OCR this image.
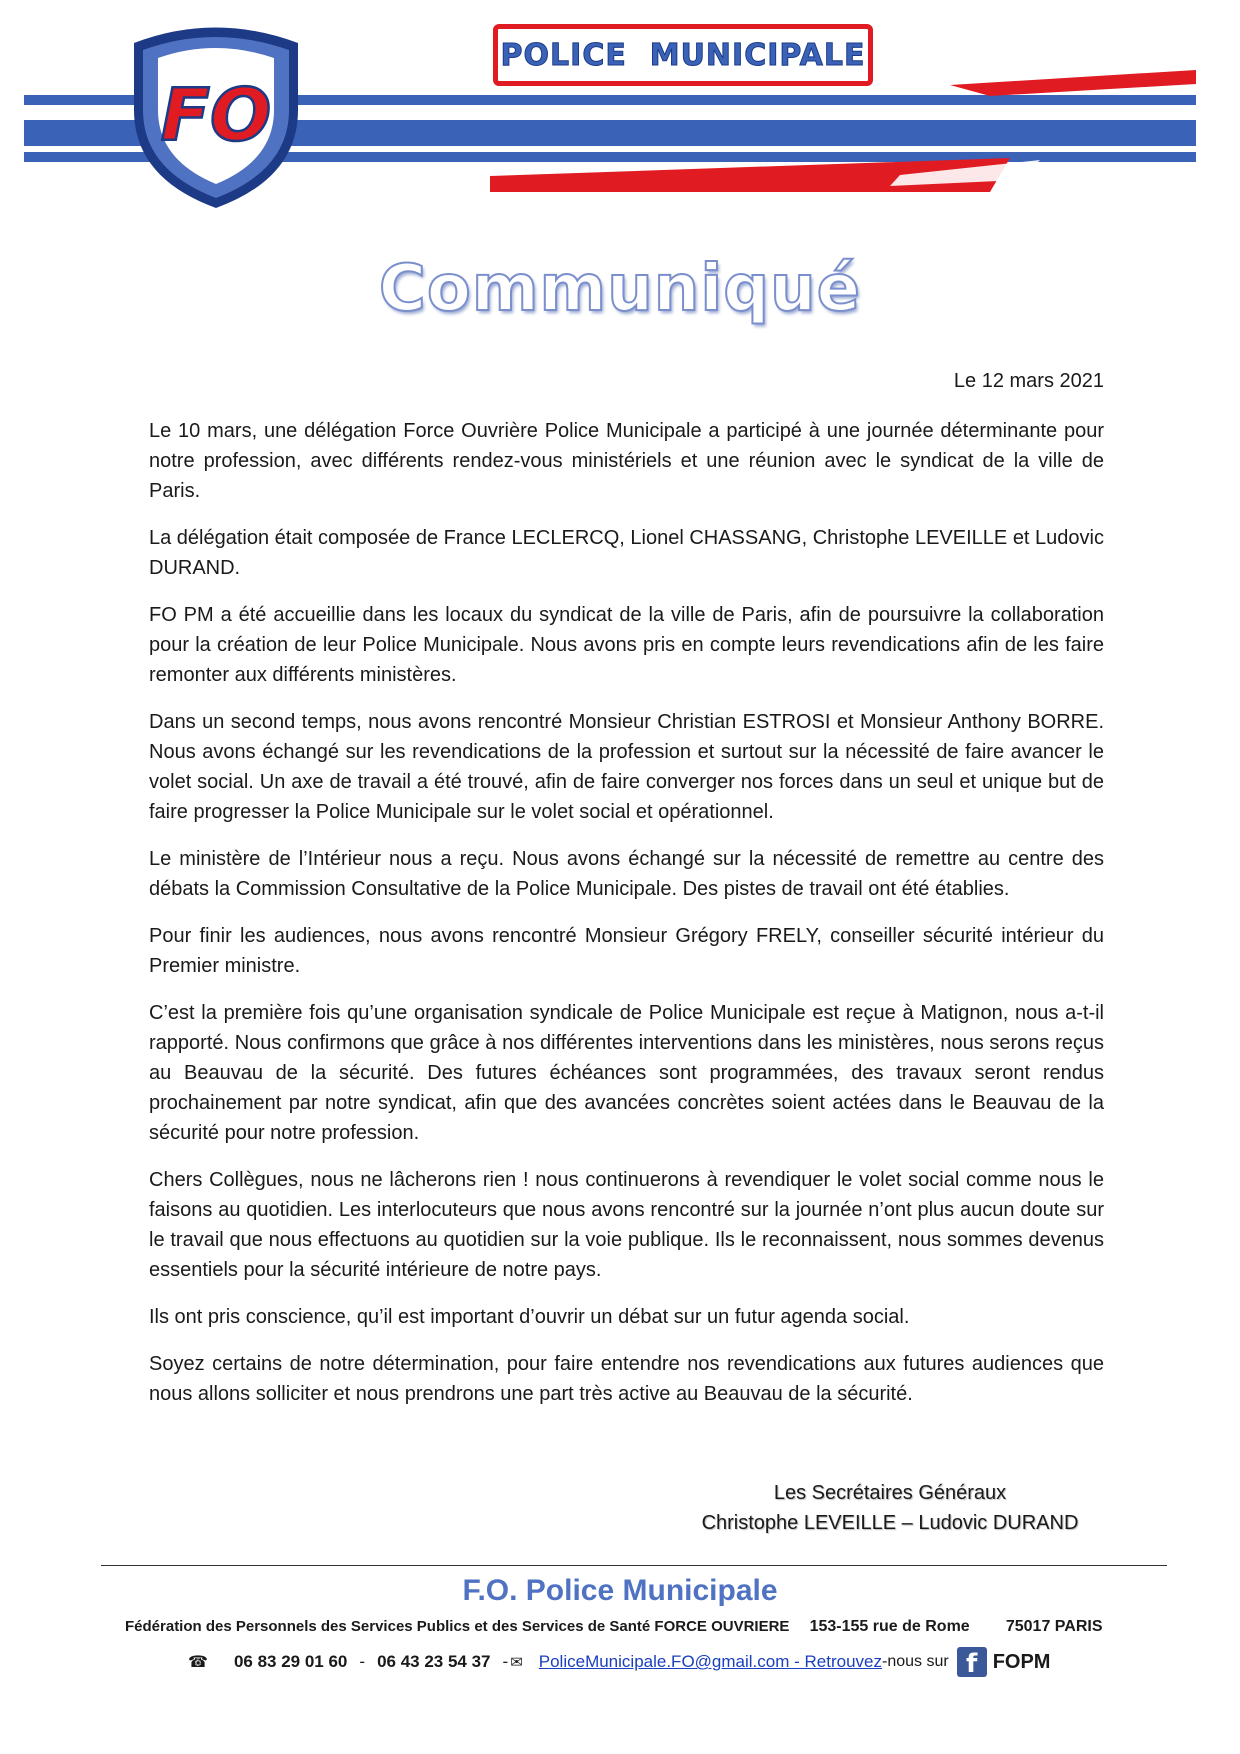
FO
POLICE  MUNICIPALE
Communiqué
Le 12 mars 2021

Le 10 mars, une délégation Force Ouvrière Police Municipale a participé à une journée déterminante pour notre profession, avec différents rendez-vous ministériels et une réunion avec le syndicat de la ville de Paris.

La délégation était composée de France LECLERCQ, Lionel CHASSANG, Christophe LEVEILLE et Ludovic DURAND.

FO PM a été accueillie dans les locaux du syndicat de la ville de Paris, afin de poursuivre la collaboration pour la création de leur Police Municipale. Nous avons pris en compte leurs revendications afin de les faire remonter aux différents ministères.

Dans un second temps, nous avons rencontré Monsieur Christian ESTROSI et Monsieur Anthony BORRE. Nous avons échangé sur les revendications de la profession et surtout sur la nécessité de faire avancer le volet social. Un axe de travail a été trouvé, afin de faire converger nos forces dans un seul et unique but de faire progresser la Police Municipale sur le volet social et opérationnel.

Le ministère de l’Intérieur nous a reçu. Nous avons échangé sur la nécessité de remettre au centre des débats la Commission Consultative de la Police Municipale. Des pistes de travail ont été établies.

Pour finir les audiences, nous avons rencontré Monsieur Grégory FRELY, conseiller sécurité intérieur du Premier ministre.

C’est la première fois qu’une organisation syndicale de Police Municipale est reçue à Matignon, nous a-t-il rapporté. Nous confirmons que grâce à nos différentes interventions dans les ministères, nous serons reçus au Beauvau de la sécurité. Des futures échéances sont programmées, des travaux seront rendus prochainement par notre syndicat, afin que des avancées concrètes soient actées dans le Beauvau de la sécurité pour notre profession.

Chers Collègues, nous ne lâcherons rien ! nous continuerons à revendiquer le volet social comme nous le faisons au quotidien. Les interlocuteurs que nous avons rencontré sur la journée n’ont plus aucun doute sur le travail que nous effectuons au quotidien sur la voie publique. Ils le reconnaissent, nous sommes devenus essentiels pour la sécurité intérieure de notre pays.

Ils ont pris conscience, qu’il est important d’ouvrir un débat sur un futur agenda social.

Soyez certains de notre détermination, pour faire entendre nos revendications aux futures audiences que nous allons solliciter et nous prendrons une part très active au Beauvau de la sécurité.

Les Secrétaires Généraux
Christophe LEVEILLE – Ludovic DURAND
F.O. Police Municipale
Fédération des Personnels des Services Publics et des Services de Santé FORCE OUVRIERE 153-155 rue de Rome 75017 PARIS
☎ 06 83 29 01 60 - 06 43 23 54 37 - ✉ PoliceMunicipale.FO@gmail.com - Retrouvez -nous sur f FOPM
